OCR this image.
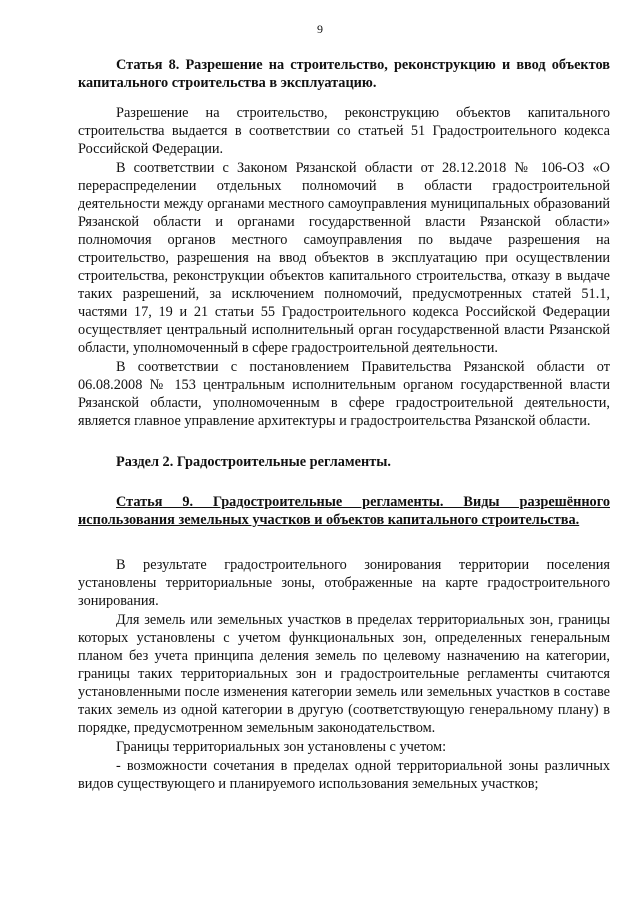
9

Статья 8. Разрешение на строительство, реконструкцию и ввод объектов капитального строительства в эксплуатацию.

Разрешение на строительство, реконструкцию объектов капитального строительства выдается в соответствии со статьей 51 Градостроительного кодекса Российской Федерации.

В соответствии с Законом Рязанской области от 28.12.2018 № 106-ОЗ «О перераспределении отдельных полномочий в области градостроительной деятельности между органами местного самоуправления муниципальных образований Рязанской области и органами государственной власти Рязанской области» полномочия органов местного самоуправления по выдаче разрешения на строительство, разрешения на ввод объектов в эксплуатацию при осуществлении строительства, реконструкции объектов капитального строительства, отказу в выдаче таких разрешений, за исключением полномочий, предусмотренных статей 51.1, частями 17, 19 и 21 статьи 55 Градостроительного кодекса Российской Федерации осуществляет центральный исполнительный орган государственной власти Рязанской области, уполномоченный в сфере градостроительной деятельности.

В соответствии с постановлением Правительства Рязанской области от 06.08.2008 № 153 центральным исполнительным органом государственной власти Рязанской области, уполномоченным в сфере градостроительной деятельности, является главное управление архитектуры и градостроительства Рязанской области.

Раздел 2. Градостроительные регламенты.

Статья 9. Градостроительные регламенты. Виды разрешённого использования земельных участков и объектов капитального строительства.

В результате градостроительного зонирования территории поселения установлены территориальные зоны, отображенные на карте градостроительного зонирования.

Для земель или земельных участков в пределах территориальных зон, границы которых установлены с учетом функциональных зон, определенных генеральным планом без учета принципа деления земель по целевому назначению на категории, границы таких территориальных зон и градостроительные регламенты считаются установленными после изменения категории земель или земельных участков в составе таких земель из одной категории в другую (соответствующую генеральному плану) в порядке, предусмотренном земельным законодательством.

Границы территориальных зон установлены с учетом:

- возможности сочетания в пределах одной территориальной зоны различных видов существующего и планируемого использования земельных участков;
